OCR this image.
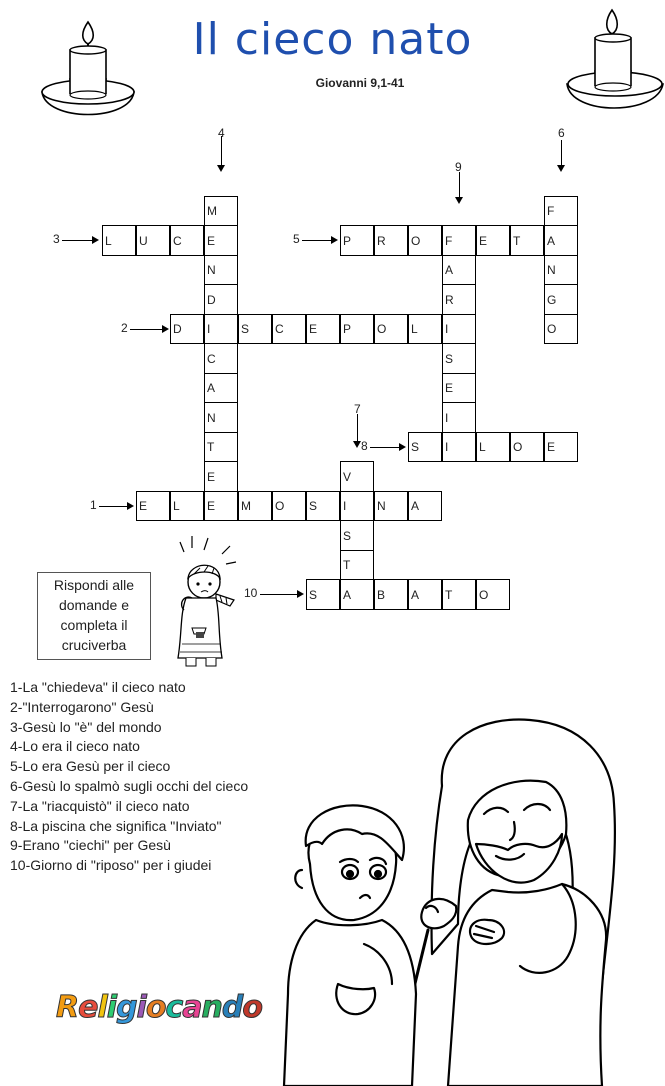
Il cieco nato
Giovanni 9,1-41
L	U	C	E
3	P	R	O	F	E	T	A
5
D	I	S	C	E	P	O	L	I
2
S	I	L	O	E
8
E	L	E	M	O	S	I	N	A
1
S	A	B	A	T	O
10
M
N
D
C
A
N
T
E
4
F
N
G
O
6
A
R
S
E
I
9
V
S
T
7
Rispondi alle domande e completa il cruciverba
1-La "chiedeva" il cieco nato
2-"Interrogarono" Gesù
3-Gesù lo "è" del mondo
4-Lo era il cieco nato
5-Lo era Gesù per il cieco
6-Gesù lo spalmò sugli occhi del cieco
7-La "riacquistò" il cieco nato
8-La piscina che significa "Inviato"
9-Erano "ciechi" per Gesù
10-Giorno di "riposo" per i giudei
Religiocando
